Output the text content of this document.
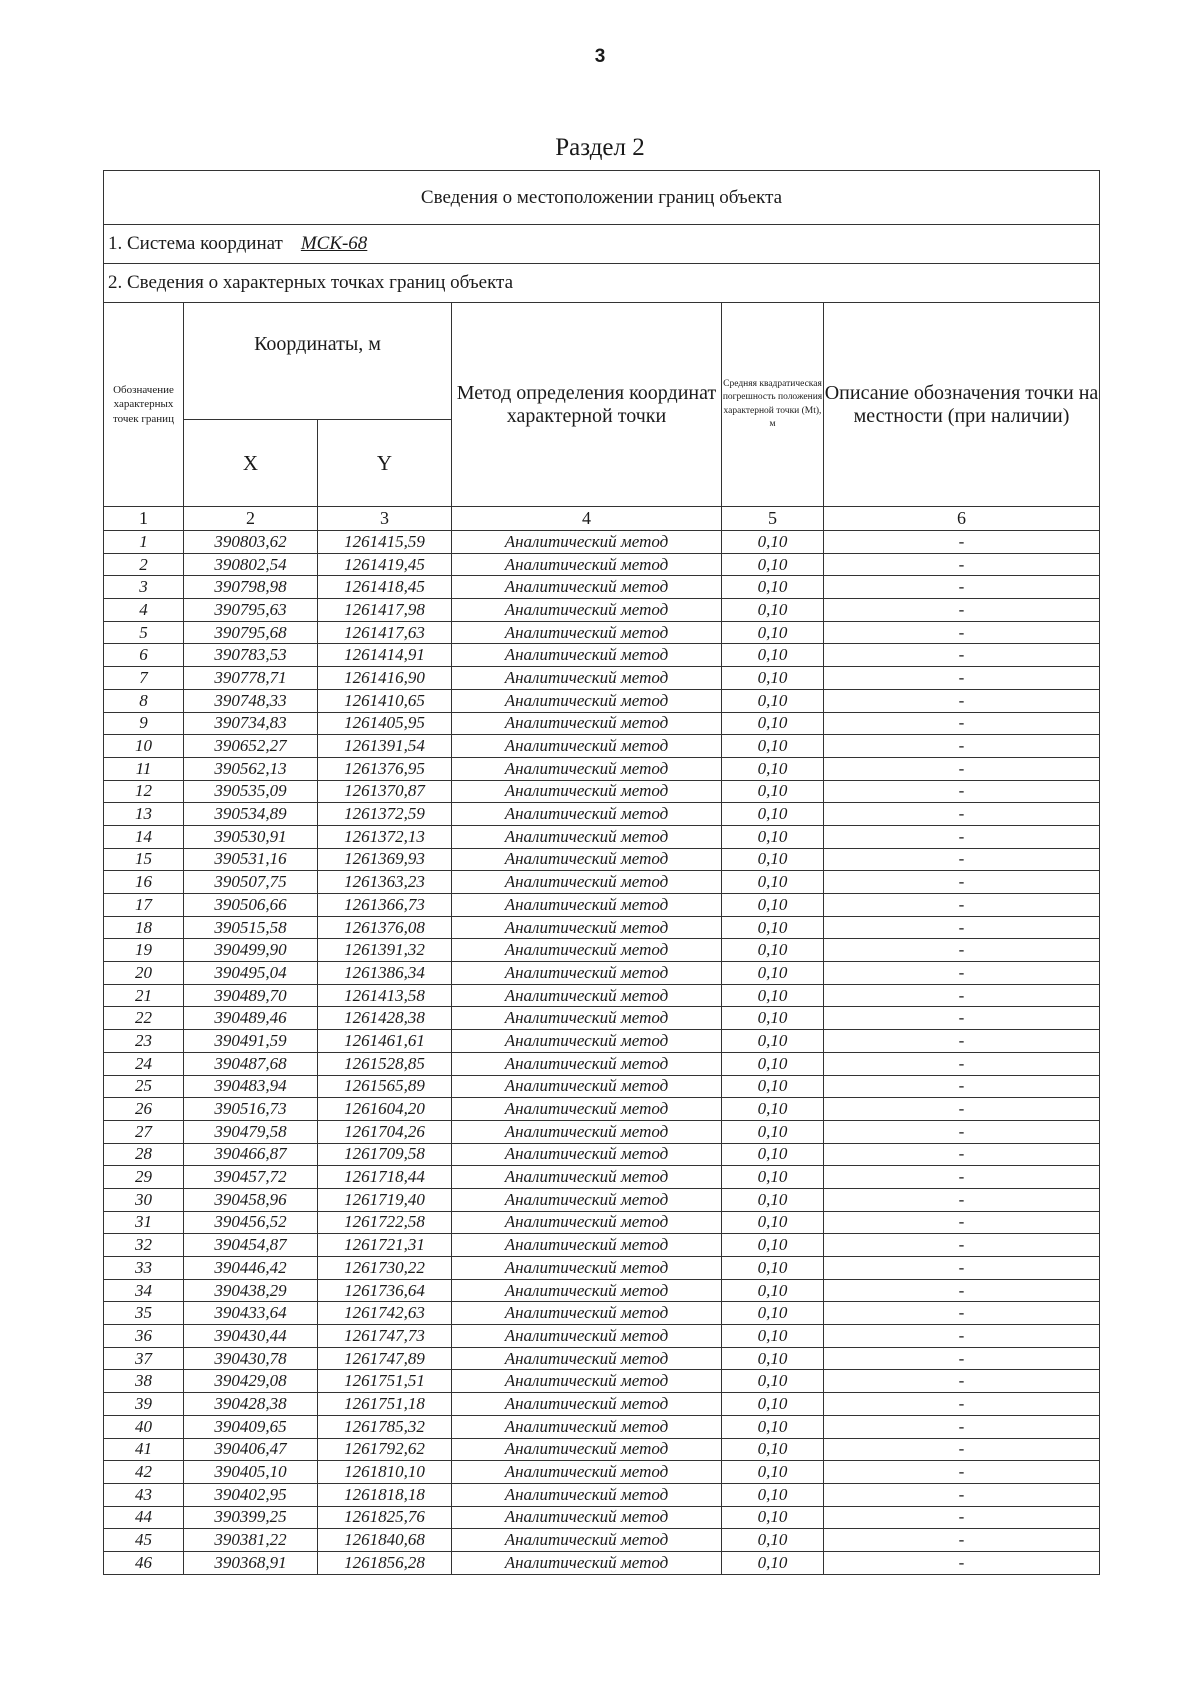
3
Раздел 2
Сведения о местоположении границ объекта					
1. Система координат МСК-68					
2. Сведения о характерных точках границ объекта					
Обозначение характерных точек границ	Координаты, м		Метод определения координат характерной точки	Средняя квадратическая погрешность положения характерной точки (Mt), м	Описание обозначения точки на местности (при наличии)
	X	Y			
1	2	3	4	5	6
1	390803,62	1261415,59	Аналитический метод	0,10	-
2	390802,54	1261419,45	Аналитический метод	0,10	-
3	390798,98	1261418,45	Аналитический метод	0,10	-
4	390795,63	1261417,98	Аналитический метод	0,10	-
5	390795,68	1261417,63	Аналитический метод	0,10	-
6	390783,53	1261414,91	Аналитический метод	0,10	-
7	390778,71	1261416,90	Аналитический метод	0,10	-
8	390748,33	1261410,65	Аналитический метод	0,10	-
9	390734,83	1261405,95	Аналитический метод	0,10	-
10	390652,27	1261391,54	Аналитический метод	0,10	-
11	390562,13	1261376,95	Аналитический метод	0,10	-
12	390535,09	1261370,87	Аналитический метод	0,10	-
13	390534,89	1261372,59	Аналитический метод	0,10	-
14	390530,91	1261372,13	Аналитический метод	0,10	-
15	390531,16	1261369,93	Аналитический метод	0,10	-
16	390507,75	1261363,23	Аналитический метод	0,10	-
17	390506,66	1261366,73	Аналитический метод	0,10	-
18	390515,58	1261376,08	Аналитический метод	0,10	-
19	390499,90	1261391,32	Аналитический метод	0,10	-
20	390495,04	1261386,34	Аналитический метод	0,10	-
21	390489,70	1261413,58	Аналитический метод	0,10	-
22	390489,46	1261428,38	Аналитический метод	0,10	-
23	390491,59	1261461,61	Аналитический метод	0,10	-
24	390487,68	1261528,85	Аналитический метод	0,10	-
25	390483,94	1261565,89	Аналитический метод	0,10	-
26	390516,73	1261604,20	Аналитический метод	0,10	-
27	390479,58	1261704,26	Аналитический метод	0,10	-
28	390466,87	1261709,58	Аналитический метод	0,10	-
29	390457,72	1261718,44	Аналитический метод	0,10	-
30	390458,96	1261719,40	Аналитический метод	0,10	-
31	390456,52	1261722,58	Аналитический метод	0,10	-
32	390454,87	1261721,31	Аналитический метод	0,10	-
33	390446,42	1261730,22	Аналитический метод	0,10	-
34	390438,29	1261736,64	Аналитический метод	0,10	-
35	390433,64	1261742,63	Аналитический метод	0,10	-
36	390430,44	1261747,73	Аналитический метод	0,10	-
37	390430,78	1261747,89	Аналитический метод	0,10	-
38	390429,08	1261751,51	Аналитический метод	0,10	-
39	390428,38	1261751,18	Аналитический метод	0,10	-
40	390409,65	1261785,32	Аналитический метод	0,10	-
41	390406,47	1261792,62	Аналитический метод	0,10	-
42	390405,10	1261810,10	Аналитический метод	0,10	-
43	390402,95	1261818,18	Аналитический метод	0,10	-
44	390399,25	1261825,76	Аналитический метод	0,10	-
45	390381,22	1261840,68	Аналитический метод	0,10	-
46	390368,91	1261856,28	Аналитический метод	0,10	-
